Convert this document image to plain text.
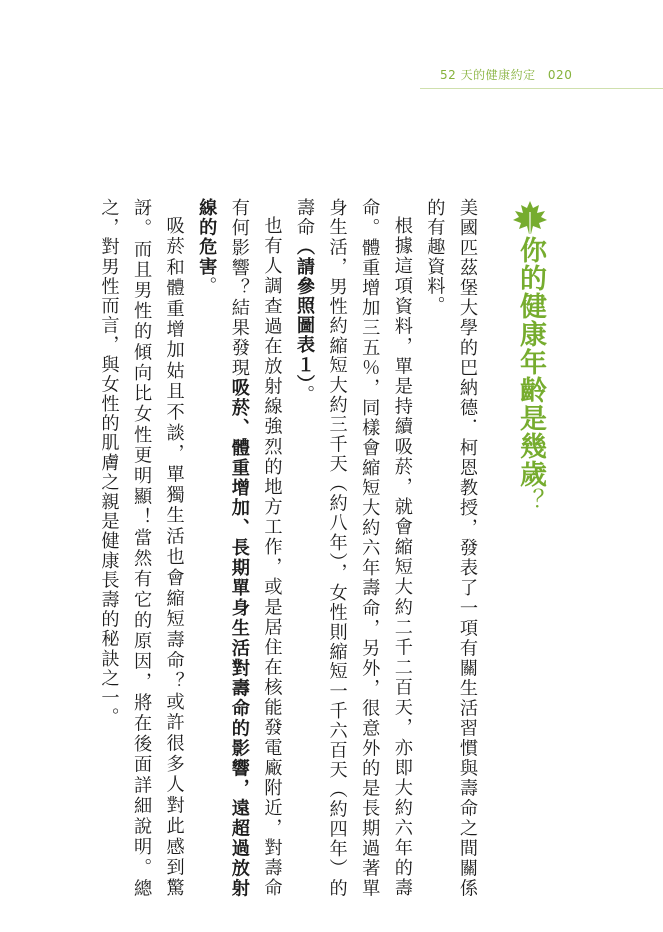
52 天的健康約定 020
你的健康年齡是幾歲？

美國匹茲堡大學的巴納德．柯恩教授，發表了一項有關生活習慣與壽命之間關係的有趣資料。

根據這項資料，單是持續吸菸，就會縮短大約二千二百天，亦即大約六年的壽命。體重增加三五％，同樣會縮短大約六年壽命，另外，很意外的是長期過著單身生活，男性約縮短大約三千天（約八年），女性則縮短一千六百天（約四年）的壽命（請參照圖表１）。

也有人調查過在放射線強烈的地方工作，或是居住在核能發電廠附近，對壽命有何影響？結果發現吸菸、體重增加、長期單身生活對壽命的影響，遠超過放射線的危害。

吸菸和體重增加姑且不談，單獨生活也會縮短壽命？或許很多人對此感到驚訝。而且男性的傾向比女性更明顯！當然有它的原因，將在後面詳細說明。總之，對男性而言，與女性的肌膚之親是健康長壽的秘訣之一。
